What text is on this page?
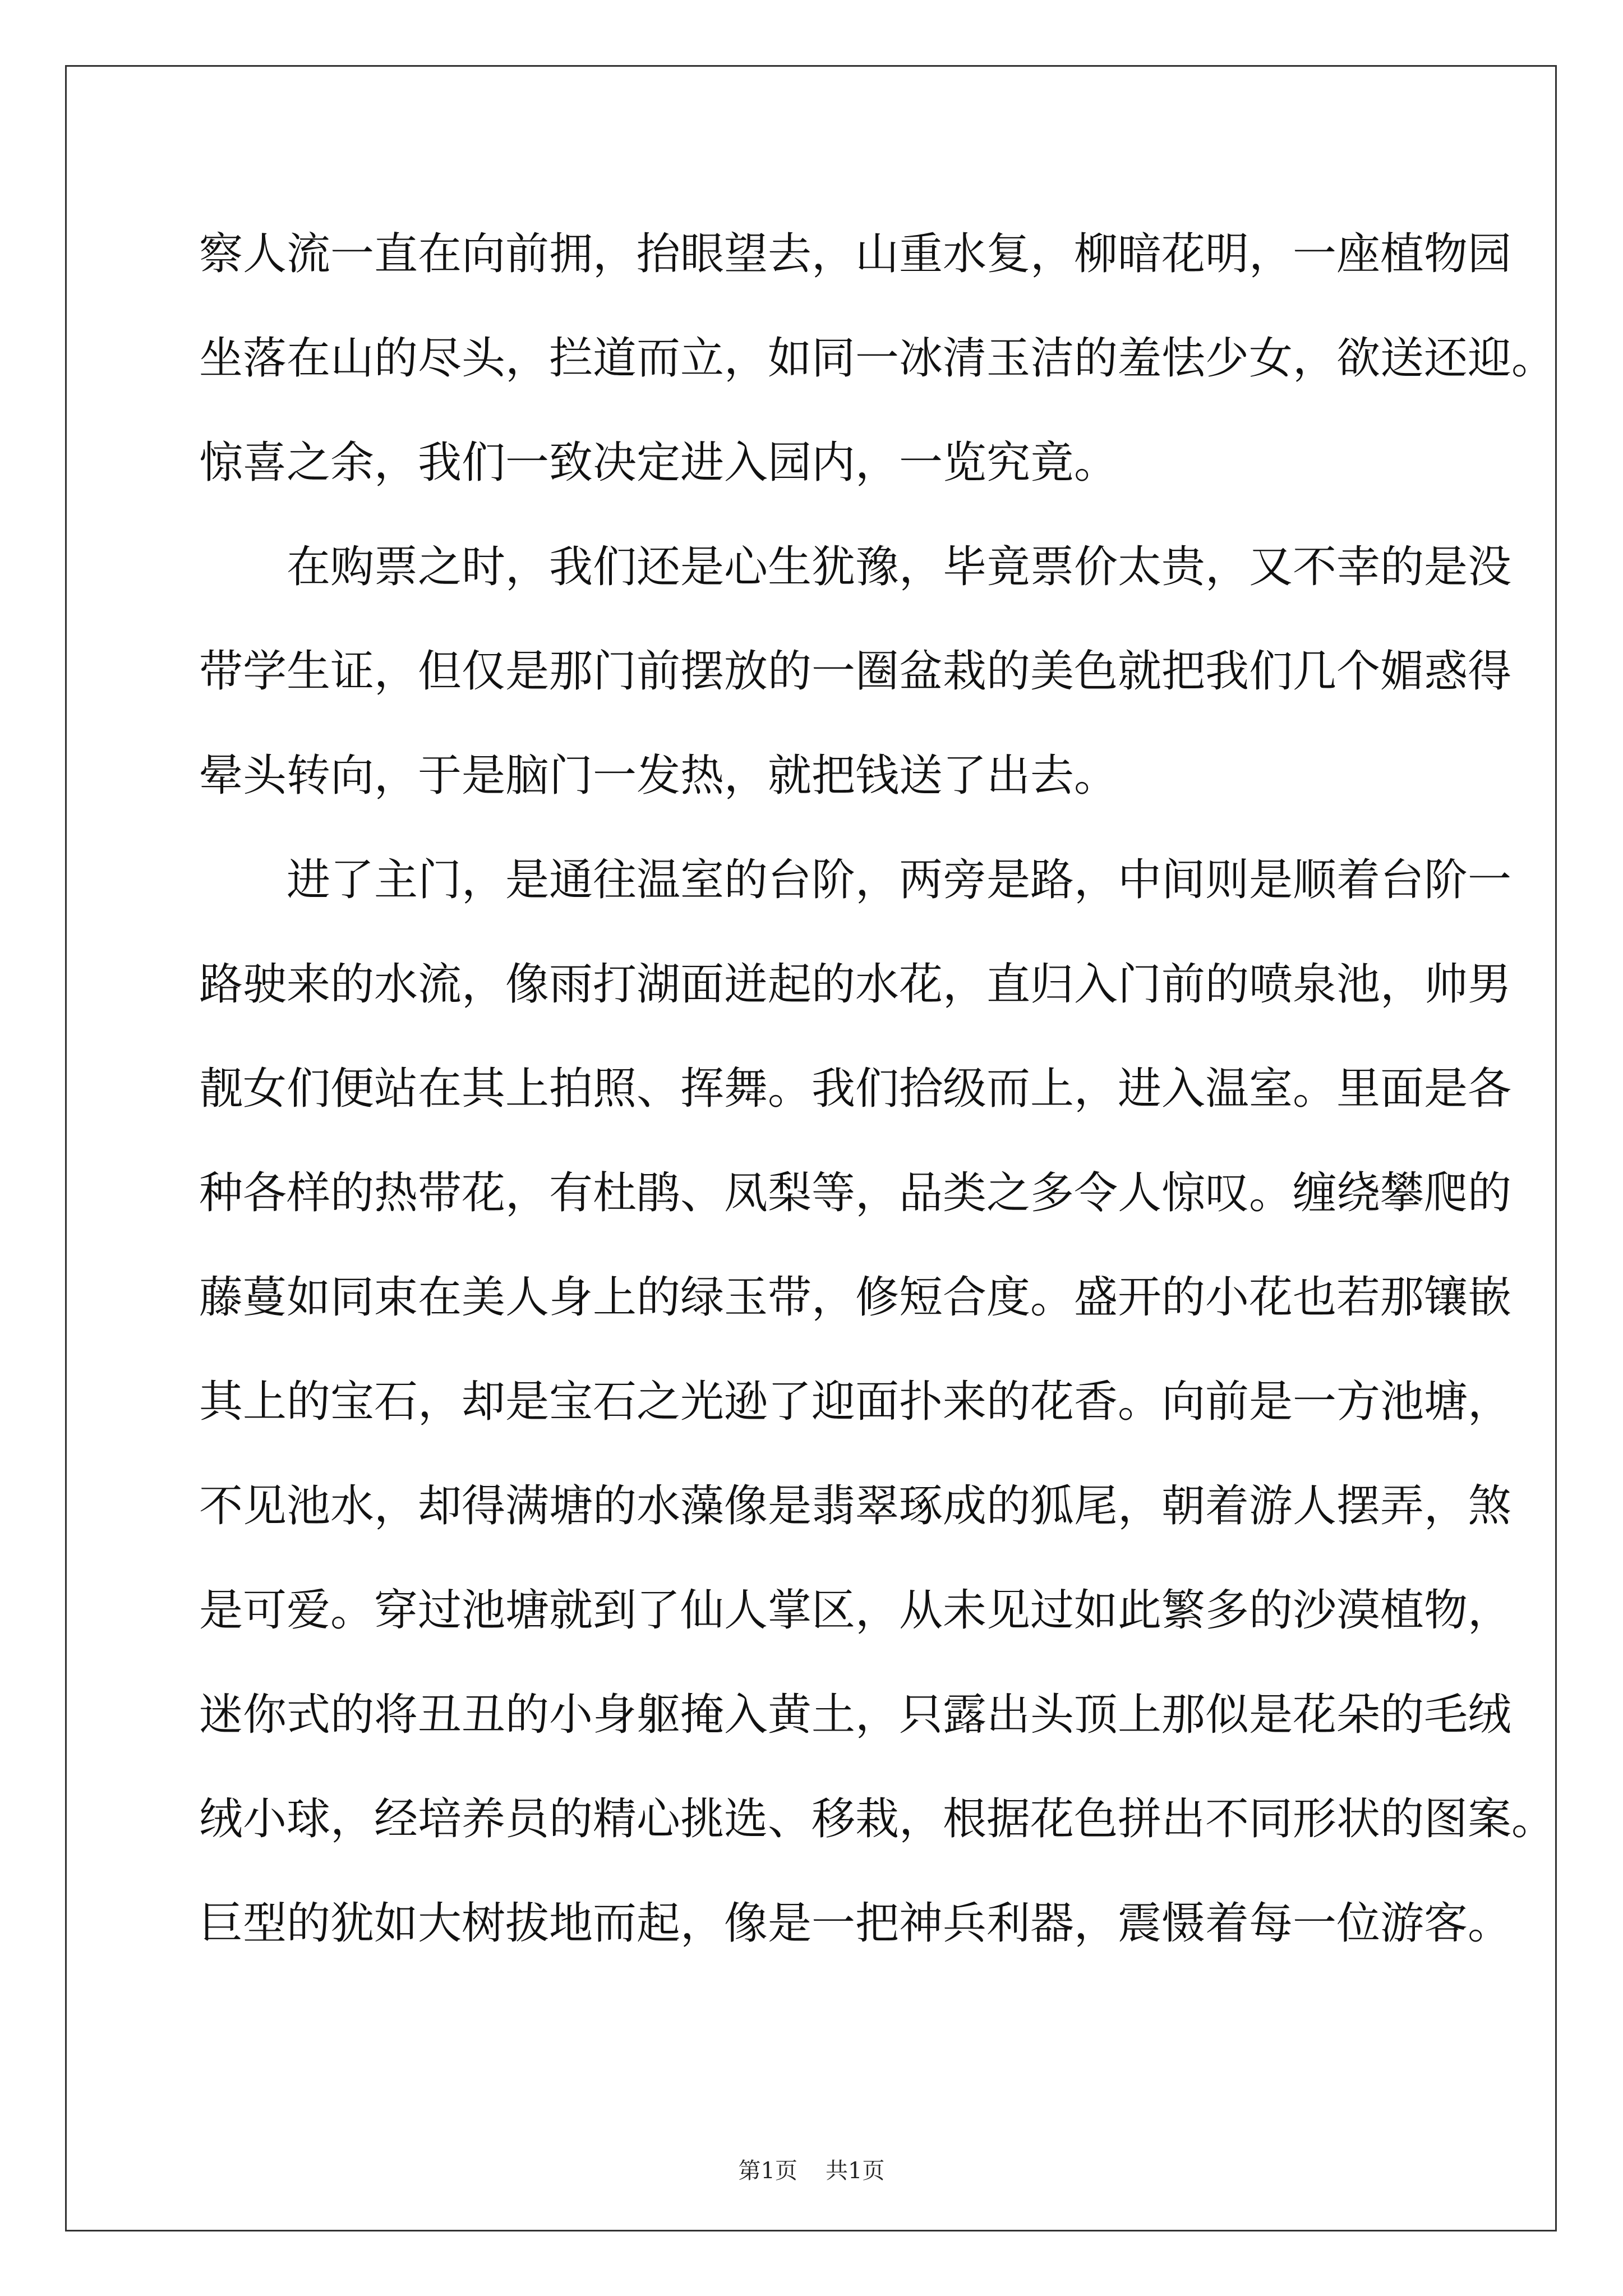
察人流一直在向前拥，抬眼望去，山重水复，柳暗花明，一座植物园
坐落在山的尽头，拦道而立，如同一冰清玉洁的羞怯少女，欲送还迎。
惊喜之余，我们一致决定进入园内，一览究竟。
在购票之时，我们还是心生犹豫，毕竟票价太贵，又不幸的是没
带学生证，但仅是那门前摆放的一圈盆栽的美色就把我们几个媚惑得
晕头转向，于是脑门一发热，就把钱送了出去。
进了主门，是通往温室的台阶，两旁是路，中间则是顺着台阶一
路驶来的水流，像雨打湖面迸起的水花，直归入门前的喷泉池，帅男
靓女们便站在其上拍照、挥舞。我们拾级而上，进入温室。里面是各
种各样的热带花，有杜鹃、凤梨等，品类之多令人惊叹。缠绕攀爬的
藤蔓如同束在美人身上的绿玉带，修短合度。盛开的小花也若那镶嵌
其上的宝石，却是宝石之光逊了迎面扑来的花香。向前是一方池塘，
不见池水，却得满塘的水藻像是翡翠琢成的狐尾，朝着游人摆弄，煞
是可爱。穿过池塘就到了仙人掌区，从未见过如此繁多的沙漠植物，
迷你式的将丑丑的小身躯掩入黄土，只露出头顶上那似是花朵的毛绒
绒小球，经培养员的精心挑选、移栽，根据花色拼出不同形状的图案。
巨型的犹如大树拔地而起，像是一把神兵利器，震慑着每一位游客。
第1页 共1页
